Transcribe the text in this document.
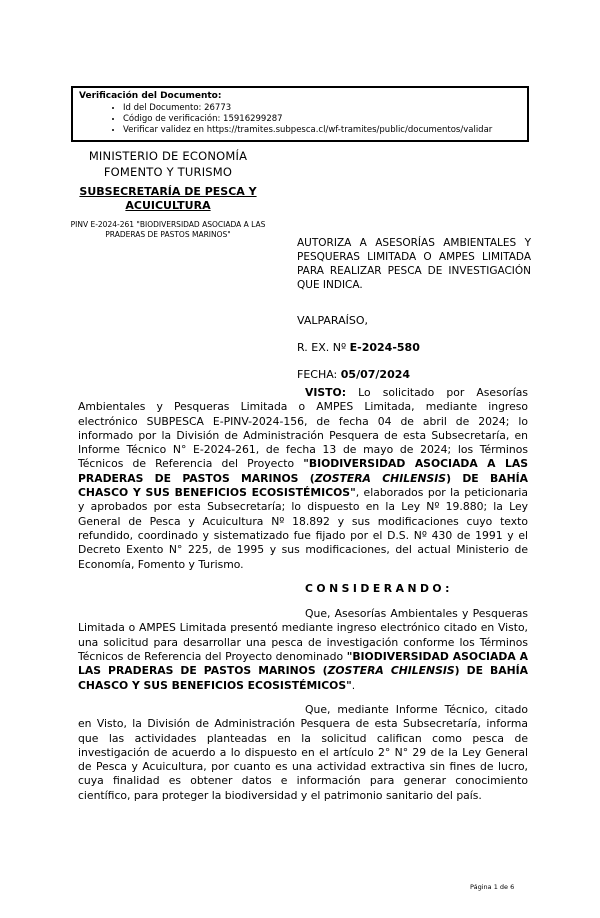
Verificación del Documento:
• Id del Documento: 26773
• Código de verificación: 15916299287
• Verificar validez en https://tramites.subpesca.cl/wf-tramites/public/documentos/validar
MINISTERIO DE ECONOMÍA
FOMENTO Y TURISMO
SUBSECRETARÍA DE PESCA Y
ACUICULTURA
PINV E-2024-261 "BIODIVERSIDAD ASOCIADA A LAS PRADERAS DE PASTOS MARINOS"

AUTORIZA A ASESORÍAS AMBIENTALES Y PESQUERAS LIMITADA O AMPES LIMITADA PARA REALIZAR PESCA DE INVESTIGACIÓN QUE INDICA.

VALPARAÍSO,

R. EX. Nº E-2024-580

FECHA: 05/07/2024

VISTO: Lo solicitado por Asesorías Ambientales y Pesqueras Limitada o AMPES Limitada, mediante ingreso electrónico SUBPESCA E-PINV-2024-156, de fecha 04 de abril de 2024; lo informado por la División de Administración Pesquera de esta Subsecretaría, en Informe Técnico N° E-2024-261, de fecha 13 de mayo de 2024; los Términos Técnicos de Referencia del Proyecto "BIODIVERSIDAD ASOCIADA A LAS PRADERAS DE PASTOS MARINOS (ZOSTERA CHILENSIS) DE BAHÍA CHASCO Y SUS BENEFICIOS ECOSISTÉMICOS", elaborados por la peticionaria y aprobados por esta Subsecretaría; lo dispuesto en la Ley Nº 19.880; la Ley General de Pesca y Acuicultura Nº 18.892 y sus modificaciones cuyo texto refundido, coordinado y sistematizado fue fijado por el D.S. Nº 430 de 1991 y el Decreto Exento N° 225, de 1995 y sus modificaciones, del actual Ministerio de Economía, Fomento y Turismo.

CONSIDERANDO:

Que, Asesorías Ambientales y Pesqueras Limitada o AMPES Limitada presentó mediante ingreso electrónico citado en Visto, una solicitud para desarrollar una pesca de investigación conforme los Términos Técnicos de Referencia del Proyecto denominado "BIODIVERSIDAD ASOCIADA A LAS PRADERAS DE PASTOS MARINOS (ZOSTERA CHILENSIS) DE BAHÍA CHASCO Y SUS BENEFICIOS ECOSISTÉMICOS".

Que, mediante Informe Técnico, citado en Visto, la División de Administración Pesquera de esta Subsecretaría, informa que las actividades planteadas en la solicitud califican como pesca de investigación de acuerdo a lo dispuesto en el artículo 2° N° 29 de la Ley General de Pesca y Acuicultura, por cuanto es una actividad extractiva sin fines de lucro, cuya finalidad es obtener datos e información para generar conocimiento científico, para proteger la biodiversidad y el patrimonio sanitario del país.

Página 1 de 6
